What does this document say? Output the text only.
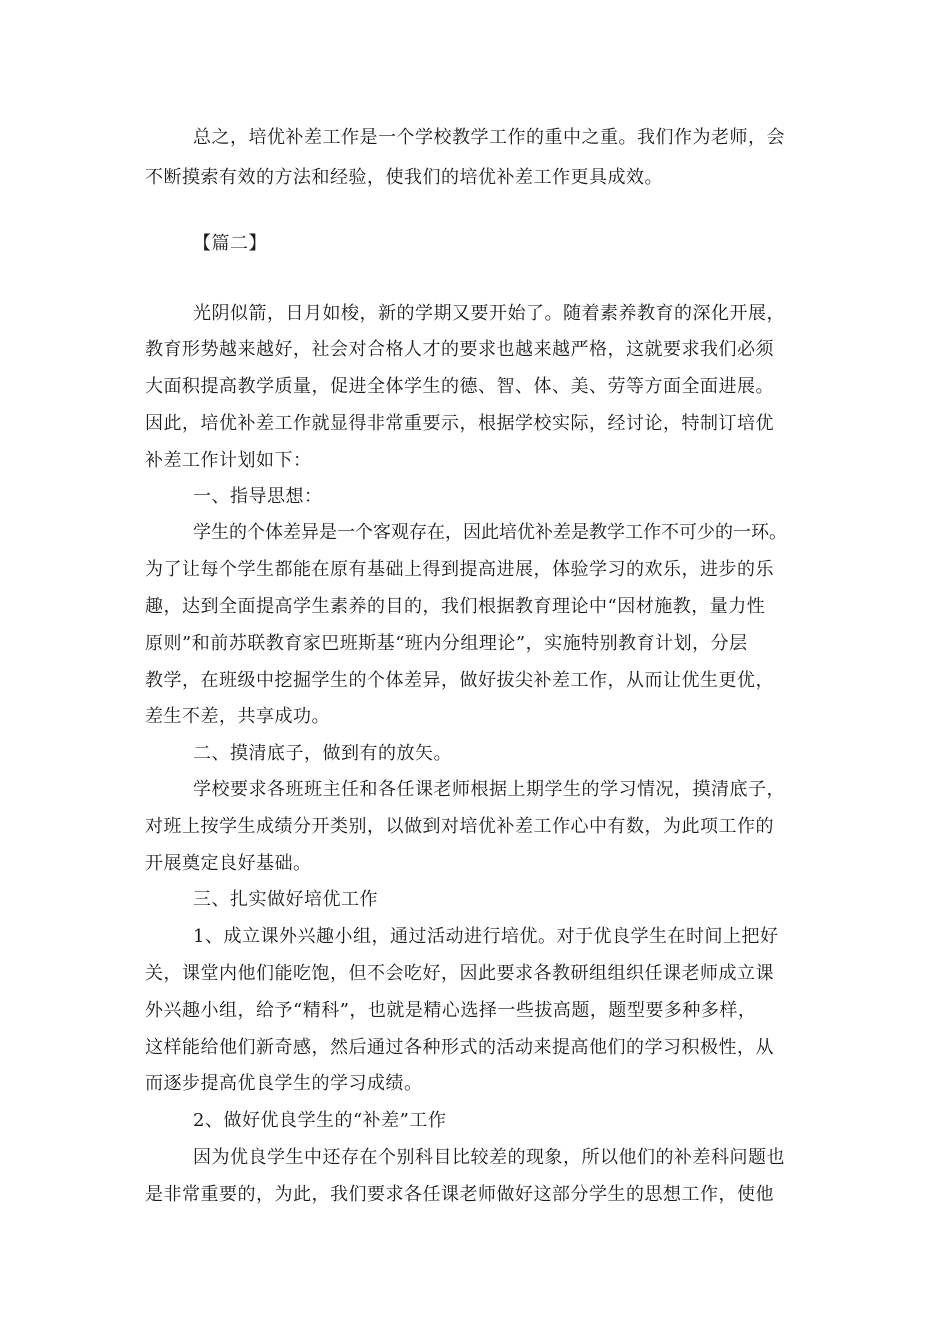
总之，培优补差工作是一个学校教学工作的重中之重。我们作为老师，会
不断摸索有效的方法和经验，使我们的培优补差工作更具成效。
【篇二】
光阴似箭，日月如梭，新的学期又要开始了。随着素养教育的深化开展，
教育形势越来越好，社会对合格人才的要求也越来越严格，这就要求我们必须
大面积提高教学质量，促进全体学生的德、智、体、美、劳等方面全面进展。
因此，培优补差工作就显得非常重要示，根据学校实际，经讨论，特制订培优
补差工作计划如下：
一、指导思想：
学生的个体差异是一个客观存在，因此培优补差是教学工作不可少的一环。
为了让每个学生都能在原有基础上得到提高进展，体验学习的欢乐，进步的乐
趣，达到全面提高学生素养的目的，我们根据教育理论中“因材施教，量力性
原则”和前苏联教育家巴班斯基“班内分组理论”，实施特别教育计划，分层
教学，在班级中挖掘学生的个体差异，做好拔尖补差工作，从而让优生更优，
差生不差，共享成功。
二、摸清底子，做到有的放矢。
学校要求各班班主任和各任课老师根据上期学生的学习情况，摸清底子，
对班上按学生成绩分开类别，以做到对培优补差工作心中有数，为此项工作的
开展奠定良好基础。
三、扎实做好培优工作
1、成立课外兴趣小组，通过活动进行培优。对于优良学生在时间上把好
关，课堂内他们能吃饱，但不会吃好，因此要求各教研组组织任课老师成立课
外兴趣小组，给予“精科”，也就是精心选择一些拔高题，题型要多种多样，
这样能给他们新奇感，然后通过各种形式的活动来提高他们的学习积极性，从
而逐步提高优良学生的学习成绩。
2、做好优良学生的“补差”工作
因为优良学生中还存在个别科目比较差的现象，所以他们的补差科问题也
是非常重要的，为此，我们要求各任课老师做好这部分学生的思想工作，使他
